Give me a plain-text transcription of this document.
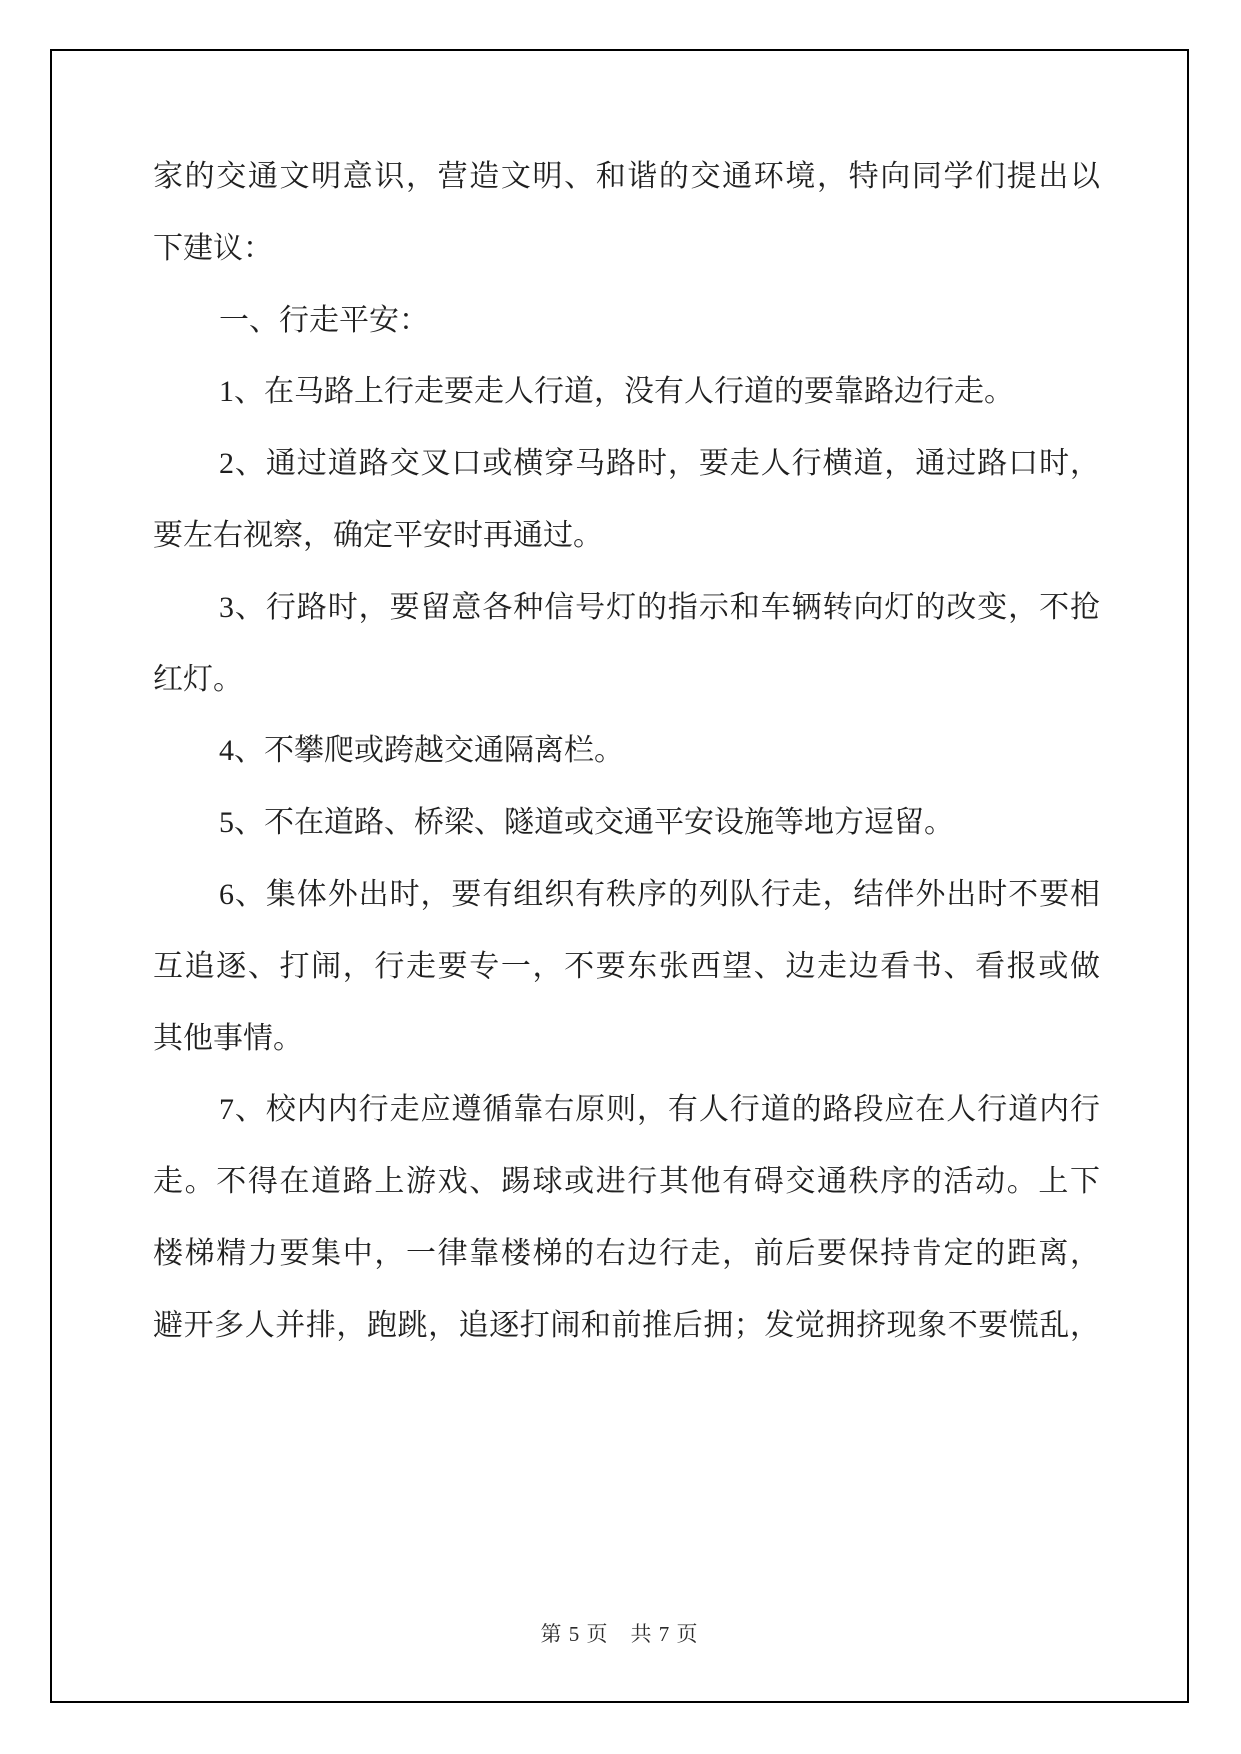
家的交通文明意识，营造文明、和谐的交通环境，特向同学们提出以
下建议：
一、行走平安：
1、在马路上行走要走人行道，没有人行道的要靠路边行走。
2、通过道路交叉口或横穿马路时，要走人行横道，通过路口时，
要左右视察，确定平安时再通过。
3、行路时，要留意各种信号灯的指示和车辆转向灯的改变，不抢
红灯。
4、不攀爬或跨越交通隔离栏。
5、不在道路、桥梁、隧道或交通平安设施等地方逗留。
6、集体外出时，要有组织有秩序的列队行走，结伴外出时不要相
互追逐、打闹，行走要专一，不要东张西望、边走边看书、看报或做
其他事情。
7、校内内行走应遵循靠右原则，有人行道的路段应在人行道内行
走。不得在道路上游戏、踢球或进行其他有碍交通秩序的活动。上下
楼梯精力要集中，一律靠楼梯的右边行走，前后要保持肯定的距离，
避开多人并排，跑跳，追逐打闹和前推后拥；发觉拥挤现象不要慌乱，
第 5 页　共 7 页
